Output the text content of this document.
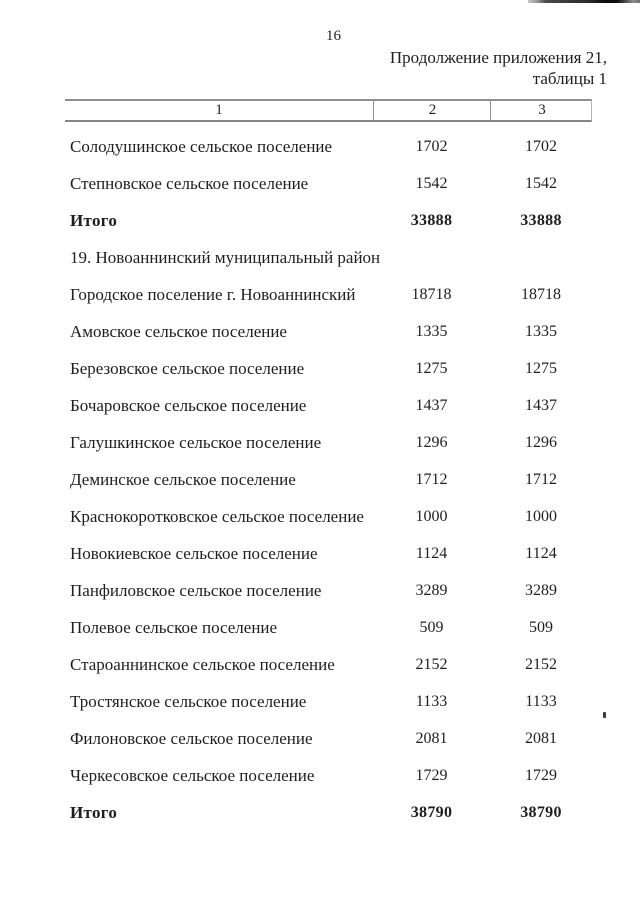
16
Продолжение приложения 21,
таблицы 1
1	2	3
Солодушинское сельское поселение	1702	1702
Степновское сельское поселение	1542	1542
Итого	33888	33888
19. Новоаннинский муниципальный район
Городское поселение г. Новоаннинский	18718	18718
Амовское сельское поселение	1335	1335
Березовское сельское поселение	1275	1275
Бочаровское сельское поселение	1437	1437
Галушкинское сельское поселение	1296	1296
Деминское сельское поселение	1712	1712
Краснокоротковское сельское поселение	1000	1000
Новокиевское сельское поселение	1124	1124
Панфиловское сельское поселение	3289	3289
Полевое сельское поселение	509	509
Староаннинское сельское поселение	2152	2152
Тростянское сельское поселение	1133	1133
Филоновское сельское поселение	2081	2081
Черкесовское сельское поселение	1729	1729
Итого	38790	38790
